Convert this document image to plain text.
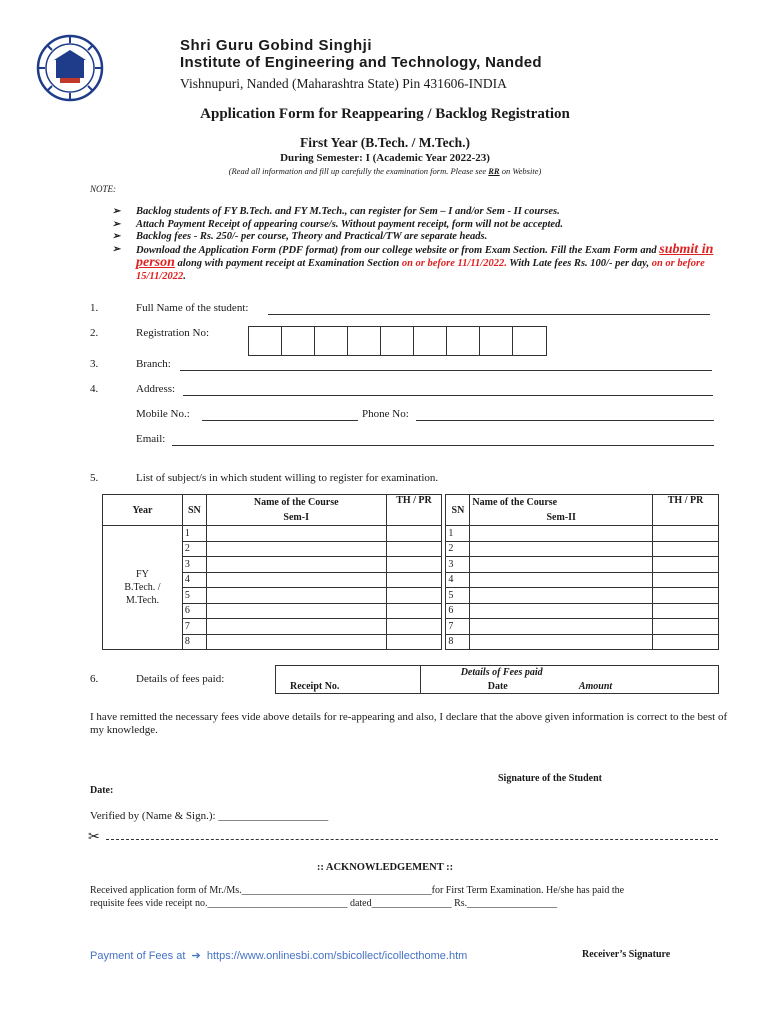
Shri Guru Gobind Singhji
Institute of Engineering and Technology, Nanded
Vishnupuri, Nanded (Maharashtra State) Pin 431606-INDIA
Application Form for Reappearing / Backlog Registration
First Year (B.Tech. / M.Tech.)
During Semester: I (Academic Year 2022-23)
(Read all information and fill up carefully the examination form. Please see RR on Website)
NOTE:
➢ Backlog students of FY B.Tech. and FY M.Tech., can register for Sem – I and/or Sem - II courses.
➢ Attach Payment Receipt of appearing course/s. Without payment receipt, form will not be accepted.
➢ Backlog fees - Rs. 250/- per course, Theory and Practical/TW are separate heads.
➢ Download the Application Form (PDF format) from our college website or from Exam Section. Fill the Exam Form and submit in person along with payment receipt at Examination Section on or before 11/11/2022. With Late fees Rs. 100/- per day, on or before 15/11/2022.
1.	Full Name of the student:
2.	Registration No:
3.	Branch:
4.	Address:
Mobile No.:	Phone No:
Email:
5.	List of subject/s in which student willing to register for examination.
Year	SN	Name of the Course	TH / PR		SN	Name of the Course	TH / PR
		Sem-I				Sem-II	

FY
B.Tech. /
M.Tech.	1				1		
	2				2		
	3				3		
	4				4		
	5				5		
	6				6		
	7				7		
	8				8		
6.	Details of fees paid:
	Details of Fees paid	
Receipt No.	Date	Amount
I have remitted the necessary fees vide above details for re-appearing and also, I declare that the above given information is correct to the best of my knowledge.
Signature of the Student
Date:
Verified by (Name & Sign.): ____________________
✂
:: ACKNOWLEDGEMENT ::
Received application form of Mr./Ms.______________________________________for First Term Examination. He/she has paid the
requisite fees vide receipt no.____________________________ dated________________ Rs.__________________
Payment of Fees at  ➔  https://www.onlinesbi.com/sbicollect/icollecthome.htm	Receiver’s Signature
